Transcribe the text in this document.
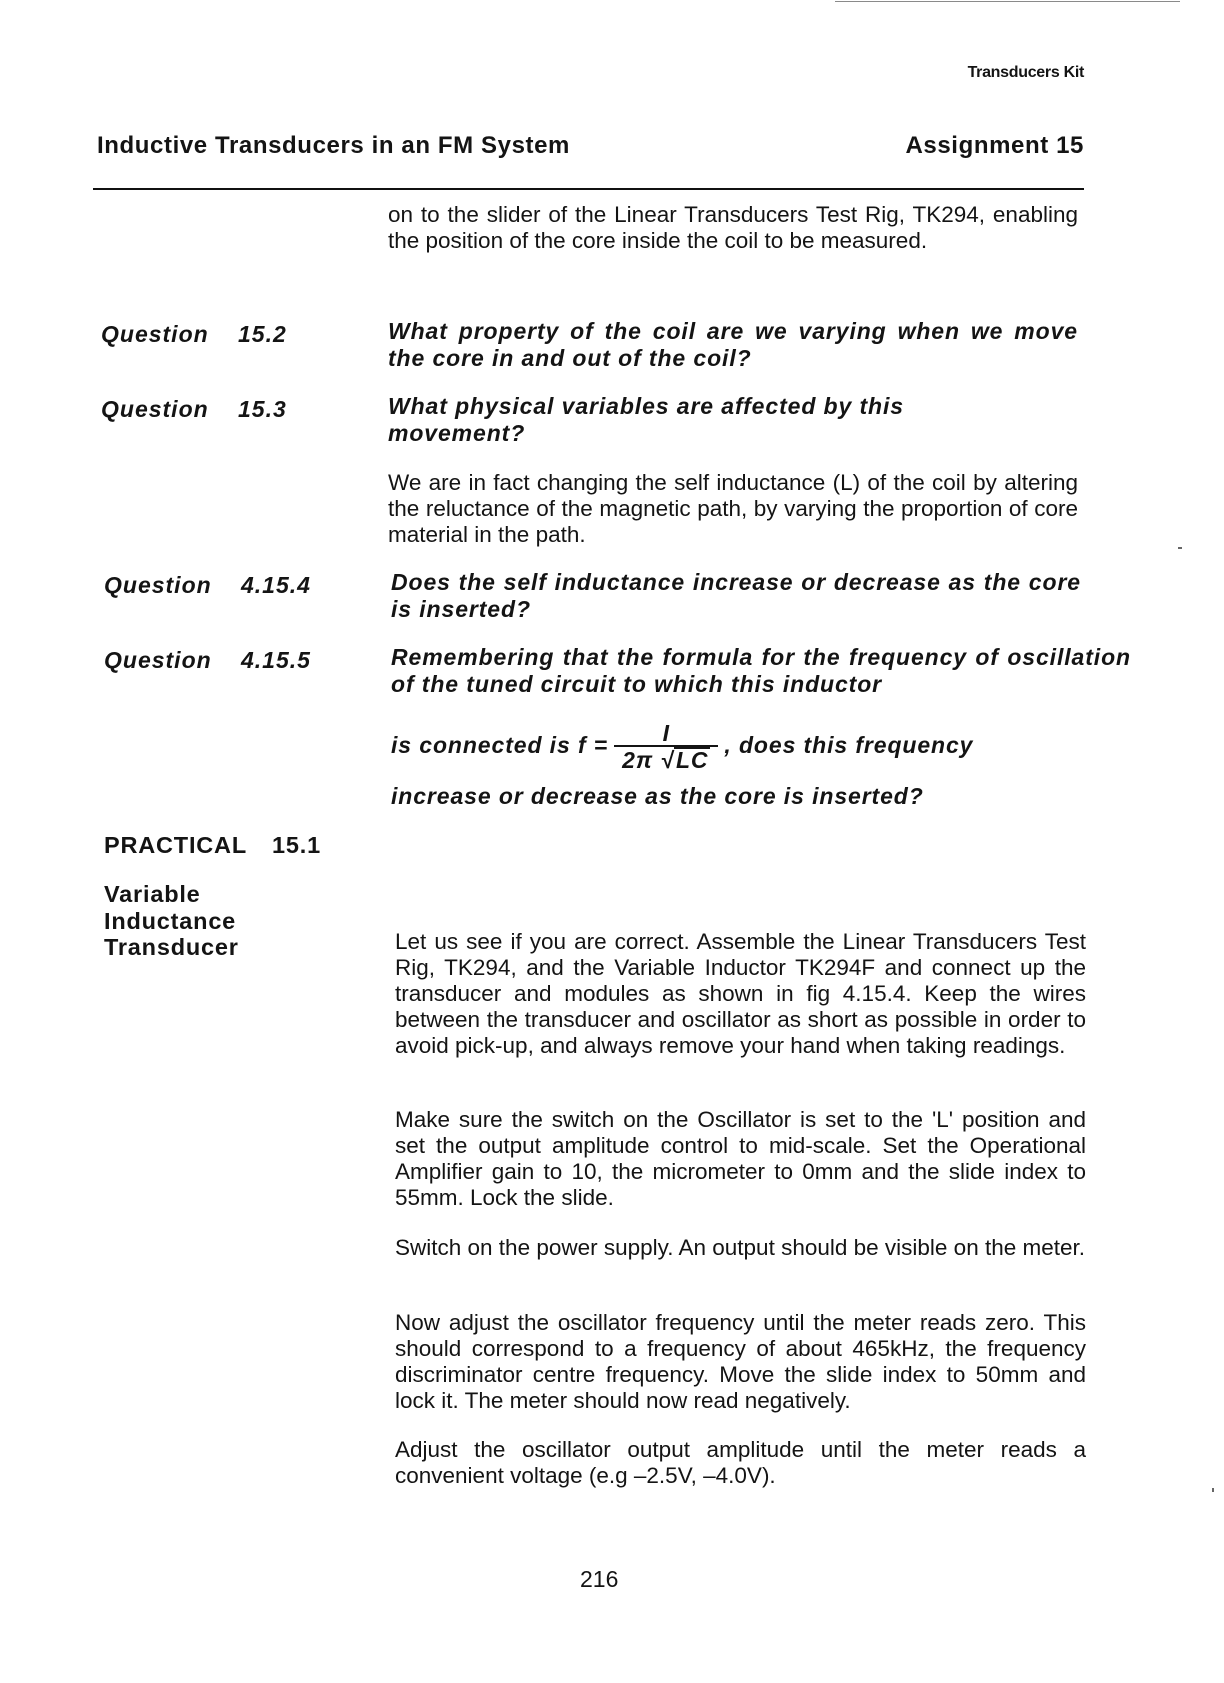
Transducers Kit
Inductive Transducers in an FM System	Assignment 15
on to the slider of the Linear Transducers Test Rig, TK294, enabling the position of the core inside the coil to be measured.
Question 15.2	What property of the coil are we varying when we move the core in and out of the coil?
Question 15.3	What physical variables are affected by this movement?
We are in fact changing the self inductance (L) of the coil by altering the reluctance of the magnetic path, by varying the proportion of core material in the path.
Question 4.15.4	Does the self inductance increase or decrease as the core is inserted?
Question 4.15.5	Remembering that the formula for the frequency of oscillation of the tuned circuit to which this inductor
is connected is $f = \frac{I}{2\pi √LC}$ , does this frequency
increase or decrease as the core is inserted?
PRACTICAL 15.1
Variable
Inductance
Transducer	Let us see if you are correct. Assemble the Linear Transducers Test Rig, TK294, and the Variable Inductor TK294F and connect up the transducer and modules as shown in fig 4.15.4. Keep the wires between the transducer and oscillator as short as possible in order to avoid pick-up, and always remove your hand when taking readings.
Make sure the switch on the Oscillator is set to the 'L' position and set the output amplitude control to mid-scale. Set the Operational Amplifier gain to 10, the micrometer to 0mm and the slide index to 55mm. Lock the slide.
Switch on the power supply. An output should be visible on the meter.
Now adjust the oscillator frequency until the meter reads zero. This should correspond to a frequency of about 465kHz, the frequency discriminator centre frequency. Move the slide index to 50mm and lock it. The meter should now read negatively.
Adjust the oscillator output amplitude until the meter reads a convenient voltage (e.g –2.5V, –4.0V).
216
